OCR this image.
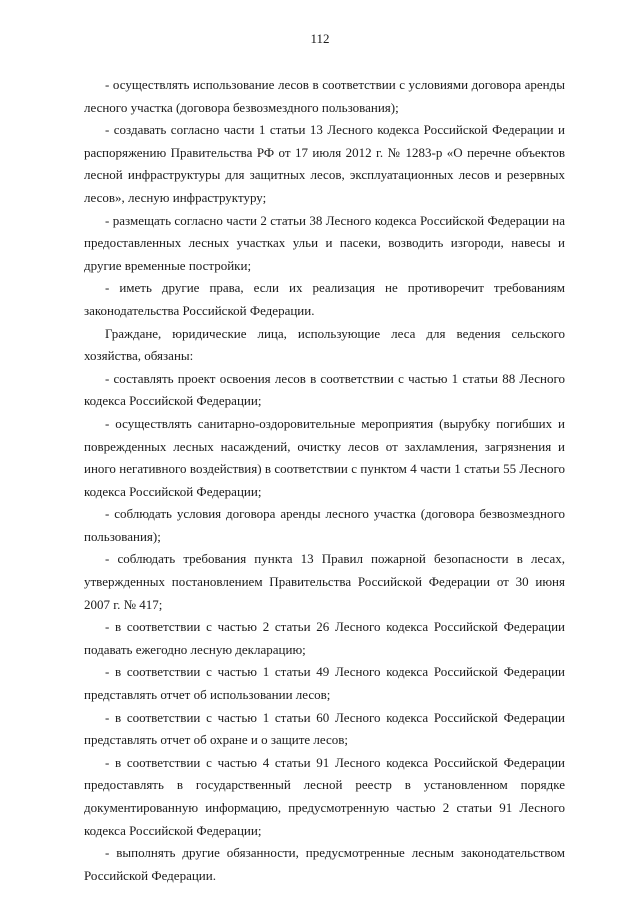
112

- осуществлять использование лесов в соответствии с условиями договора аренды лесного участка (договора безвозмездного пользования);

- создавать согласно части 1 статьи 13 Лесного кодекса Российской Федерации и распоряжению Правительства РФ от 17 июля 2012 г. № 1283-р «О перечне объектов лесной инфраструктуры для защитных лесов, эксплуатационных лесов и резервных лесов», лесную инфраструктуру;

- размещать согласно части 2 статьи 38 Лесного кодекса Российской Федерации на предоставленных лесных участках ульи и пасеки, возводить изгороди, навесы и другие временные постройки;

- иметь другие права, если их реализация не противоречит требованиям законодательства Российской Федерации.

Граждане, юридические лица, использующие леса для ведения сельского хозяйства, обязаны:

- составлять проект освоения лесов в соответствии с частью 1 статьи 88 Лесного кодекса Российской Федерации;

- осуществлять санитарно-оздоровительные мероприятия (вырубку погибших и поврежденных лесных насаждений, очистку лесов от захламления, загрязнения и иного негативного воздействия) в соответствии с пунктом 4 части 1 статьи 55 Лесного кодекса Российской Федерации;

- соблюдать условия договора аренды лесного участка (договора безвозмездного пользования);

- соблюдать требования пункта 13 Правил пожарной безопасности в лесах, утвержденных постановлением Правительства Российской Федерации от 30 июня 2007 г. № 417;

- в соответствии с частью 2 статьи 26 Лесного кодекса Российской Федерации подавать ежегодно лесную декларацию;

- в соответствии с частью 1 статьи 49 Лесного кодекса Российской Федерации представлять отчет об использовании лесов;

- в соответствии с частью 1 статьи 60 Лесного кодекса Российской Федерации представлять отчет об охране и о защите лесов;

- в соответствии с частью 4 статьи 91 Лесного кодекса Российской Федерации предоставлять в государственный лесной реестр в установленном порядке документированную информацию, предусмотренную частью 2 статьи 91 Лесного кодекса Российской Федерации;

- выполнять другие обязанности, предусмотренные лесным законодательством Российской Федерации.
